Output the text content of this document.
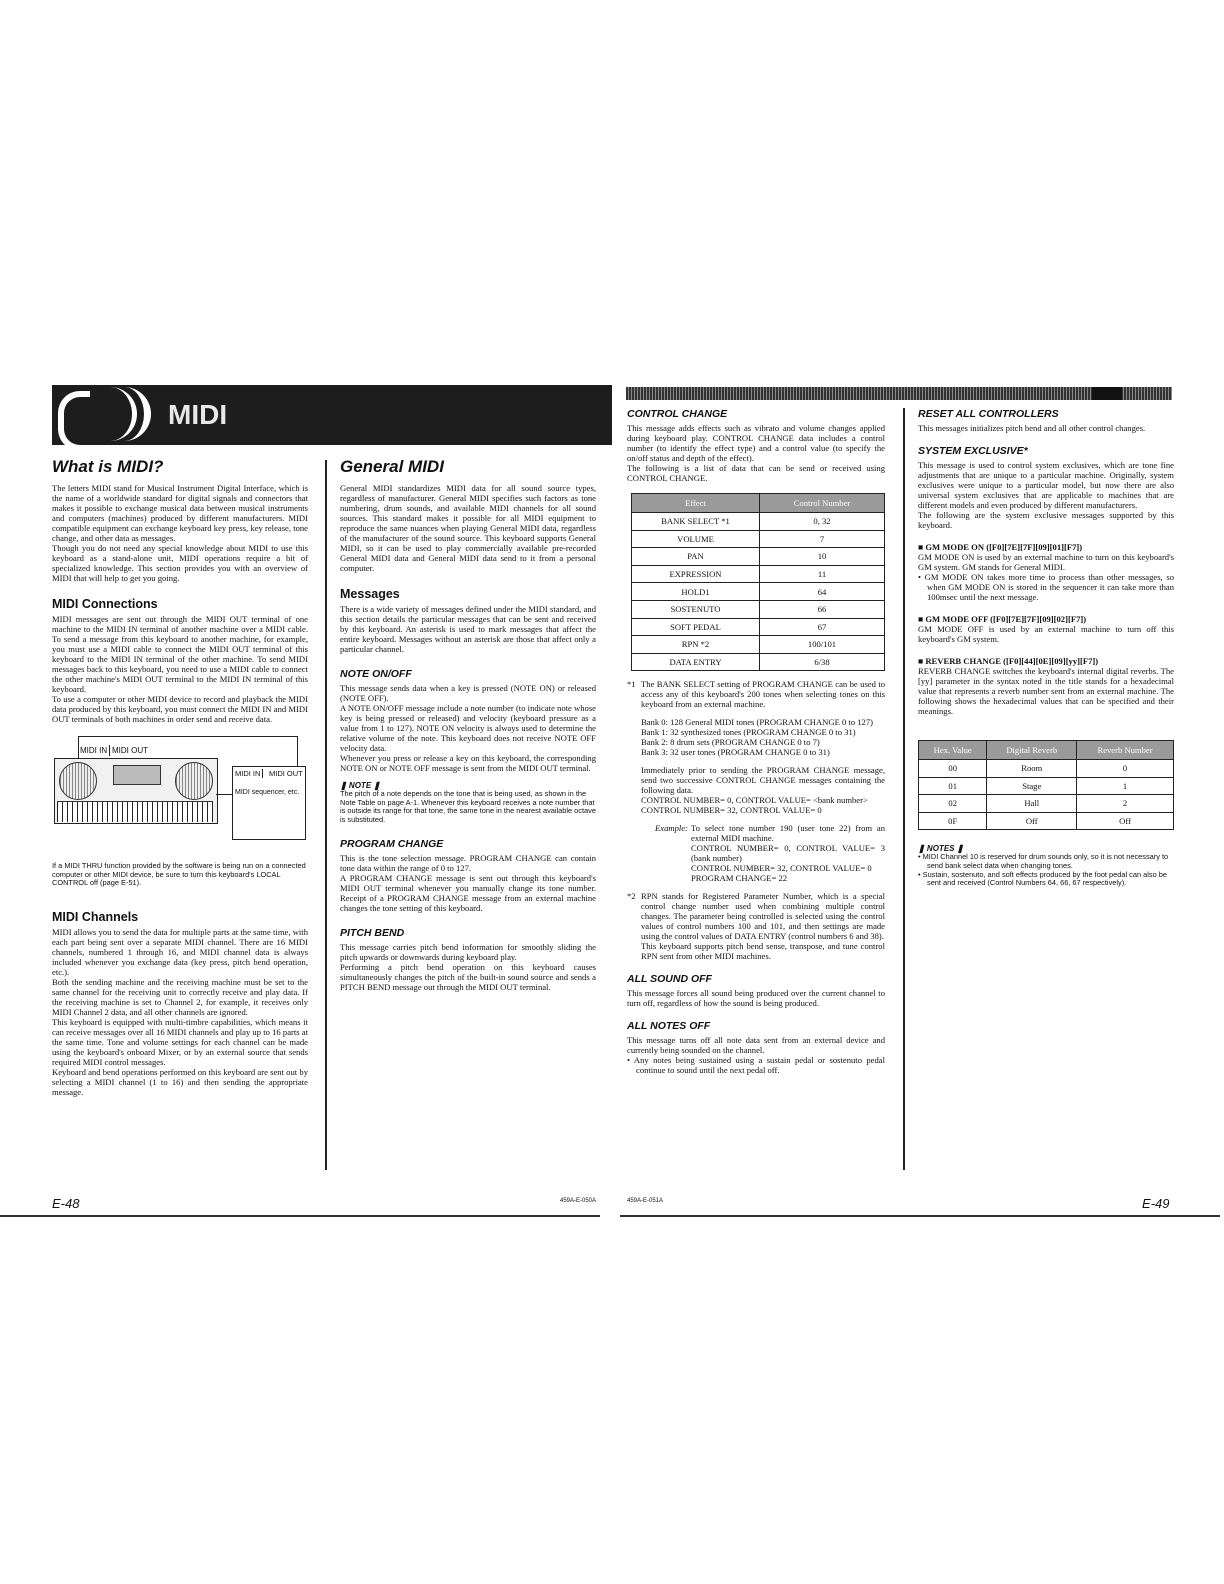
MIDI
What is MIDI?

The letters MIDI stand for Musical Instrument Digital Interface, which is the name of a worldwide standard for digital signals and connectors that makes it possible to exchange musical data between musical instruments and computers (machines) produced by different manufacturers. MIDI compatible equipment can exchange keyboard key press, key release, tone change, and other data as messages.

Though you do not need any special knowledge about MIDI to use this keyboard as a stand-alone unit, MIDI operations require a bit of specialized knowledge. This section provides you with an overview of MIDI that will help to get you going.

MIDI Connections

MIDI messages are sent out through the MIDI OUT terminal of one machine to the MIDI IN terminal of another machine over a MIDI cable. To send a message from this keyboard to another machine, for example, you must use a MIDI cable to connect the MIDI OUT terminal of this keyboard to the MIDI IN terminal of the other machine. To send MIDI messages back to this keyboard, you need to use a MIDI cable to connect the other machine's MIDI OUT terminal to the MIDI IN terminal of this keyboard.

To use a computer or other MIDI device to record and playback the MIDI data produced by this keyboard, you must connect the MIDI IN and MIDI OUT terminals of both machines in order send and receive data.

MIDI IN MIDI OUT
MIDI IN	MIDI OUT
MIDI sequencer, etc.

If a MIDI THRU function provided by the software is being run on a connected computer or other MIDI device, be sure to turn this keyboard's LOCAL CONTROL off (page E-51).

MIDI Channels

MIDI allows you to send the data for multiple parts at the same time, with each part being sent over a separate MIDI channel. There are 16 MIDI channels, numbered 1 through 16, and MIDI channel data is always included whenever you exchange data (key press, pitch bend operation, etc.).

Both the sending machine and the receiving machine must be set to the same channel for the receiving unit to correctly receive and play data. If the receiving machine is set to Channel 2, for example, it receives only MIDI Channel 2 data, and all other channels are ignored.

This keyboard is equipped with multi-timbre capabilities, which means it can receive messages over all 16 MIDI channels and play up to 16 parts at the same time. Tone and volume settings for each channel can be made using the keyboard's onboard Mixer, or by an external source that sends required MIDI control messages.

Keyboard and bend operations performed on this keyboard are sent out by selecting a MIDI channel (1 to 16) and then sending the appropriate message.

General MIDI

General MIDI standardizes MIDI data for all sound source types, regardless of manufacturer. General MIDI specifies such factors as tone numbering, drum sounds, and available MIDI channels for all sound sources. This standard makes it possible for all MIDI equipment to reproduce the same nuances when playing General MIDI data, regardless of the manufacturer of the sound source. This keyboard supports General MIDI, so it can be used to play commercially available pre-recorded General MIDI data and General MIDI data send to it from a personal computer.

Messages

There is a wide variety of messages defined under the MIDI standard, and this section details the particular messages that can be sent and received by this keyboard. An asterisk is used to mark messages that affect the entire keyboard. Messages without an asterisk are those that affect only a particular channel.

NOTE ON/OFF

This message sends data when a key is pressed (NOTE ON) or released (NOTE OFF).

A NOTE ON/OFF message include a note number (to indicate note whose key is being pressed or released) and velocity (keyboard pressure as a value from 1 to 127). NOTE ON velocity is always used to determine the relative volume of the note. This keyboard does not receive NOTE OFF velocity data.

Whenever you press or release a key on this keyboard, the corresponding NOTE ON or NOTE OFF message is sent from the MIDI OUT terminal.

❚ NOTE ❚

The pitch of a note depends on the tone that is being used, as shown in the Note Table on page A-1. Whenever this keyboard receives a note number that is outside its range for that tone, the same tone in the nearest available octave is substituted.

PROGRAM CHANGE

This is the tone selection message. PROGRAM CHANGE can contain tone data within the range of 0 to 127.

A PROGRAM CHANGE message is sent out through this keyboard's MIDI OUT terminal whenever you manually change its tone number. Receipt of a PROGRAM CHANGE message from an external machine changes the tone setting of this keyboard.

PITCH BEND

This message carries pitch bend information for smoothly sliding the pitch upwards or downwards during keyboard play.

Performing a pitch bend operation on this keyboard causes simultaneously changes the pitch of the built-in sound source and sends a PITCH BEND message out through the MIDI OUT terminal.

E-48	459A-E-050A
CONTROL CHANGE

This message adds effects such as vibrato and volume changes applied during keyboard play. CONTROL CHANGE data includes a control number (to identify the effect type) and a control value (to specify the on/off status and depth of the effect).

The following is a list of data that can be send or received using CONTROL CHANGE.

Effect	Control Number
BANK SELECT *1	0, 32
VOLUME	7
PAN	10
EXPRESSION	11
HOLD1	64
SOSTENUTO	66
SOFT PEDAL	67
RPN *2	100/101
DATA ENTRY	6/38
*1 The BANK SELECT setting of PROGRAM CHANGE can be used to access any of this keyboard's 200 tones when selecting tones on this keyboard from an external machine.

Bank 0: 128 General MIDI tones (PROGRAM CHANGE 0 to 127)

Bank 1: 32 synthesized tones (PROGRAM CHANGE 0 to 31)

Bank 2: 8 drum sets (PROGRAM CHANGE 0 to 7)

Bank 3: 32 user tones (PROGRAM CHANGE 0 to 31)

Immediately prior to sending the PROGRAM CHANGE message, send two successive CONTROL CHANGE messages containing the following data.

CONTROL NUMBER= 0, CONTROL VALUE= <bank number>

CONTROL NUMBER= 32, CONTROL VALUE= 0

Example: To select tone number 190 (user tone 22) from an external MIDI machine.

CONTROL NUMBER= 0, CONTROL VALUE= 3 (bank number)

CONTROL NUMBER= 32, CONTROL VALUE= 0

PROGRAM CHANGE= 22

*2 RPN stands for Registered Parameter Number, which is a special control change number used when combining multiple control changes. The parameter being controlled is selected using the control values of control numbers 100 and 101, and then settings are made using the control values of DATA ENTRY (control numbers 6 and 38).

This keyboard supports pitch bend sense, transpose, and tune control RPN sent from other MIDI machines.

ALL SOUND OFF

This message forces all sound being produced over the current channel to turn off, regardless of how the sound is being produced.

ALL NOTES OFF

This message turns off all note data sent from an external device and currently being sounded on the channel.

• Any notes being sustained using a sustain pedal or sostenuto pedal continue to sound until the next pedal off.

RESET ALL CONTROLLERS

This messages initializes pitch bend and all other control changes.

SYSTEM EXCLUSIVE*

This message is used to control system exclusives, which are tone fine adjustments that are unique to a particular machine. Originally, system exclusives were unique to a particular model, but now there are also universal system exclusives that are applicable to machines that are different models and even produced by different manufacturers.

The following are the system exclusive messages supported by this keyboard.

■ GM MODE ON ([F0][7E][7F][09][01][F7])

GM MODE ON is used by an external machine to turn on this keyboard's GM system. GM stands for General MIDI.

• GM MODE ON takes more time to process than other messages, so when GM MODE ON is stored in the sequencer it can take more than 100msec until the next message.

■ GM MODE OFF ([F0][7E][7F][09][02][F7])

GM MODE OFF is used by an external machine to turn off this keyboard's GM system.

■ REVERB CHANGE ([F0][44][0E][09][yy][F7])

REVERB CHANGE switches the keyboard's internal digital reverbs. The [yy] parameter in the syntax noted in the title stands for a hexadecimal value that represents a reverb number sent from an external machine. The following shows the hexadecimal values that can be specified and their meanings.

Hex. Value	Digital Reverb	Reverb Number
00	Room	0
01	Stage	1
02	Hall	2
0F	Off	Off
❚ NOTES ❚

• MIDI Channel 10 is reserved for drum sounds only, so it is not necessary to send bank select data when changing tones.

• Sustain, sostenuto, and soft effects produced by the foot pedal can also be sent and received (Control Numbers 64, 66, 67 respectively).

459A-E-051A	E-49
